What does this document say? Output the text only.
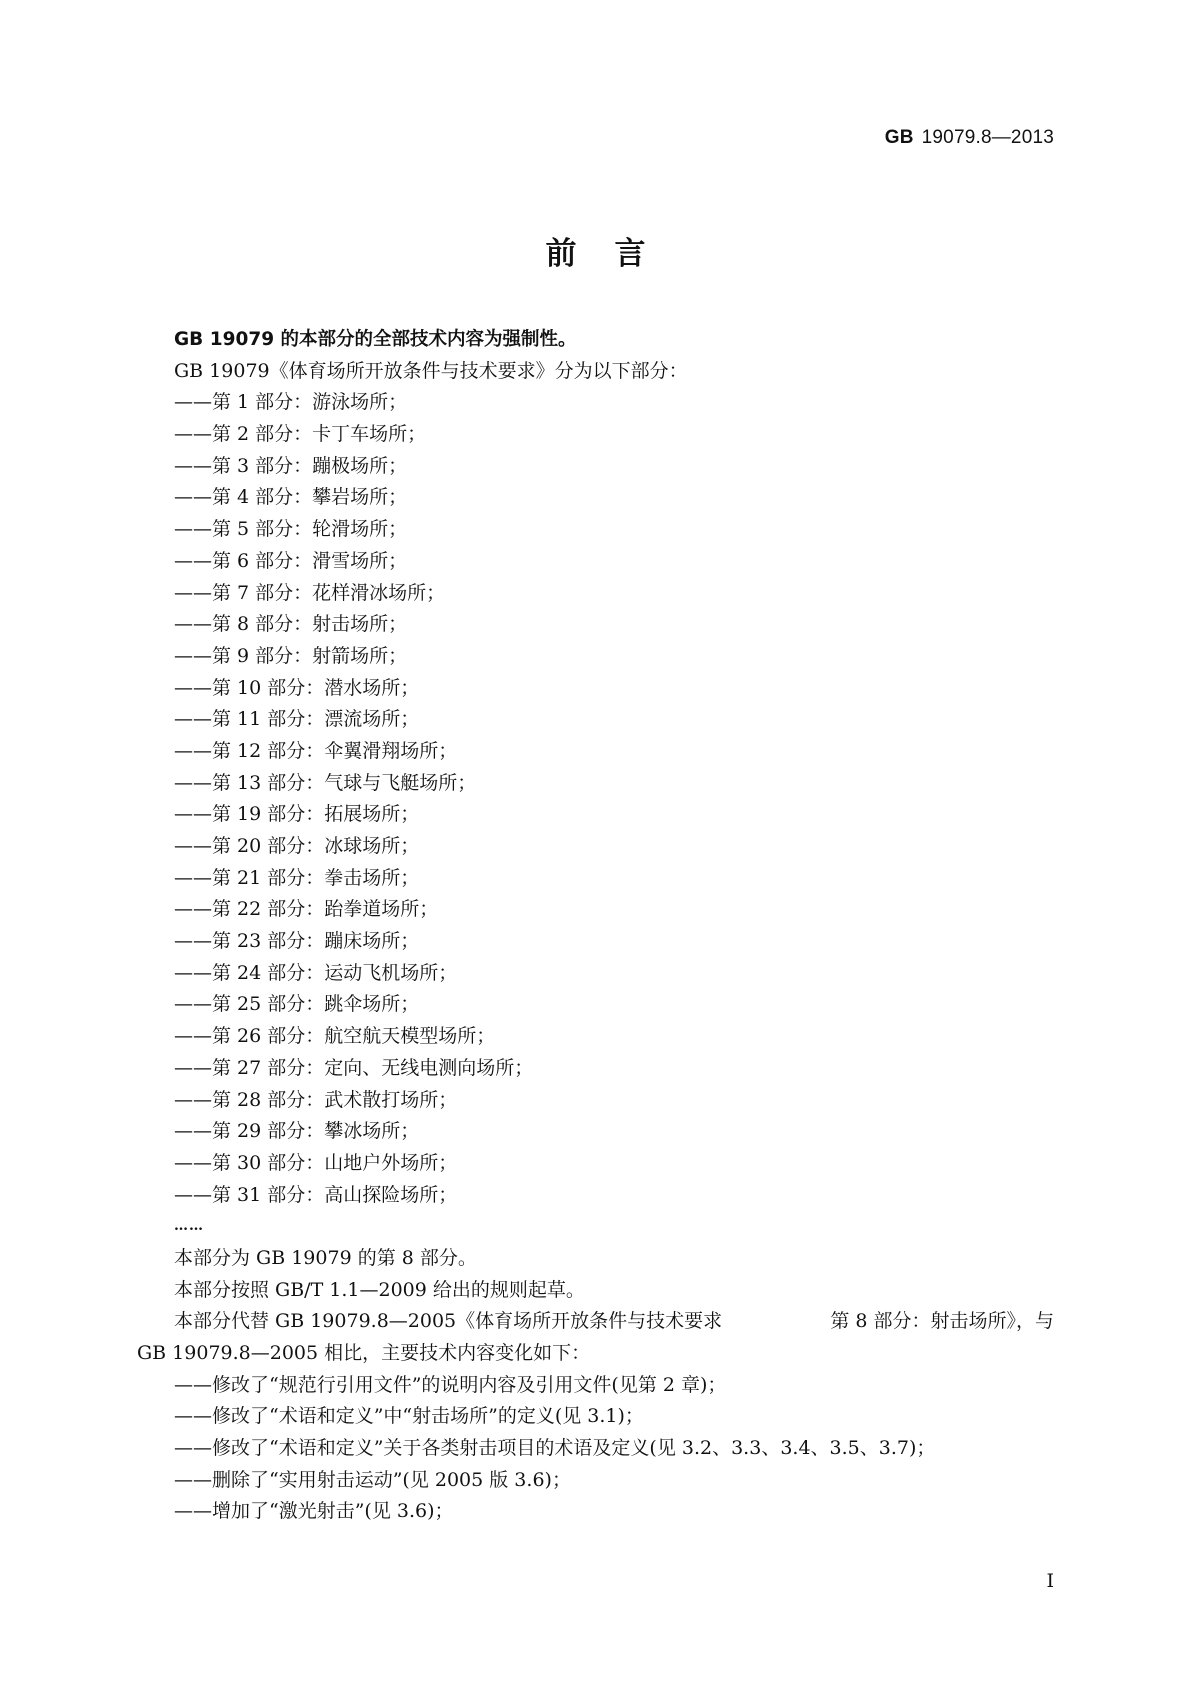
GB 19079.8—2013
前言
GB 19079 的本部分的全部技术内容为强制性。
GB 19079《体育场所开放条件与技术要求》分为以下部分：
——第 1 部分：游泳场所；
——第 2 部分：卡丁车场所；
——第 3 部分：蹦极场所；
——第 4 部分：攀岩场所；
——第 5 部分：轮滑场所；
——第 6 部分：滑雪场所；
——第 7 部分：花样滑冰场所；
——第 8 部分：射击场所；
——第 9 部分：射箭场所；
——第 10 部分：潜水场所；
——第 11 部分：漂流场所；
——第 12 部分：伞翼滑翔场所；
——第 13 部分：气球与飞艇场所；
——第 19 部分：拓展场所；
——第 20 部分：冰球场所；
——第 21 部分：拳击场所；
——第 22 部分：跆拳道场所；
——第 23 部分：蹦床场所；
——第 24 部分：运动飞机场所；
——第 25 部分：跳伞场所；
——第 26 部分：航空航天模型场所；
——第 27 部分：定向、无线电测向场所；
——第 28 部分：武术散打场所；
——第 29 部分：攀冰场所；
——第 30 部分：山地户外场所；
——第 31 部分：高山探险场所；
……
本部分为 GB 19079 的第 8 部分。
本部分按照 GB/T 1.1—2009 给出的规则起草。
本部分代替 GB 19079.8—2005《体育场所开放条件与技术要求	第 8 部分：射击场所》，与
GB 19079.8—2005 相比，主要技术内容变化如下：
——修改了“规范行引用文件”的说明内容及引用文件(见第 2 章)；
——修改了“术语和定义”中“射击场所”的定义(见 3.1)；
——修改了“术语和定义”关于各类射击项目的术语及定义(见 3.2、3.3、3.4、3.5、3.7)；
——删除了“实用射击运动”(见 2005 版 3.6)；
——增加了“激光射击”(见 3.6)；
I
